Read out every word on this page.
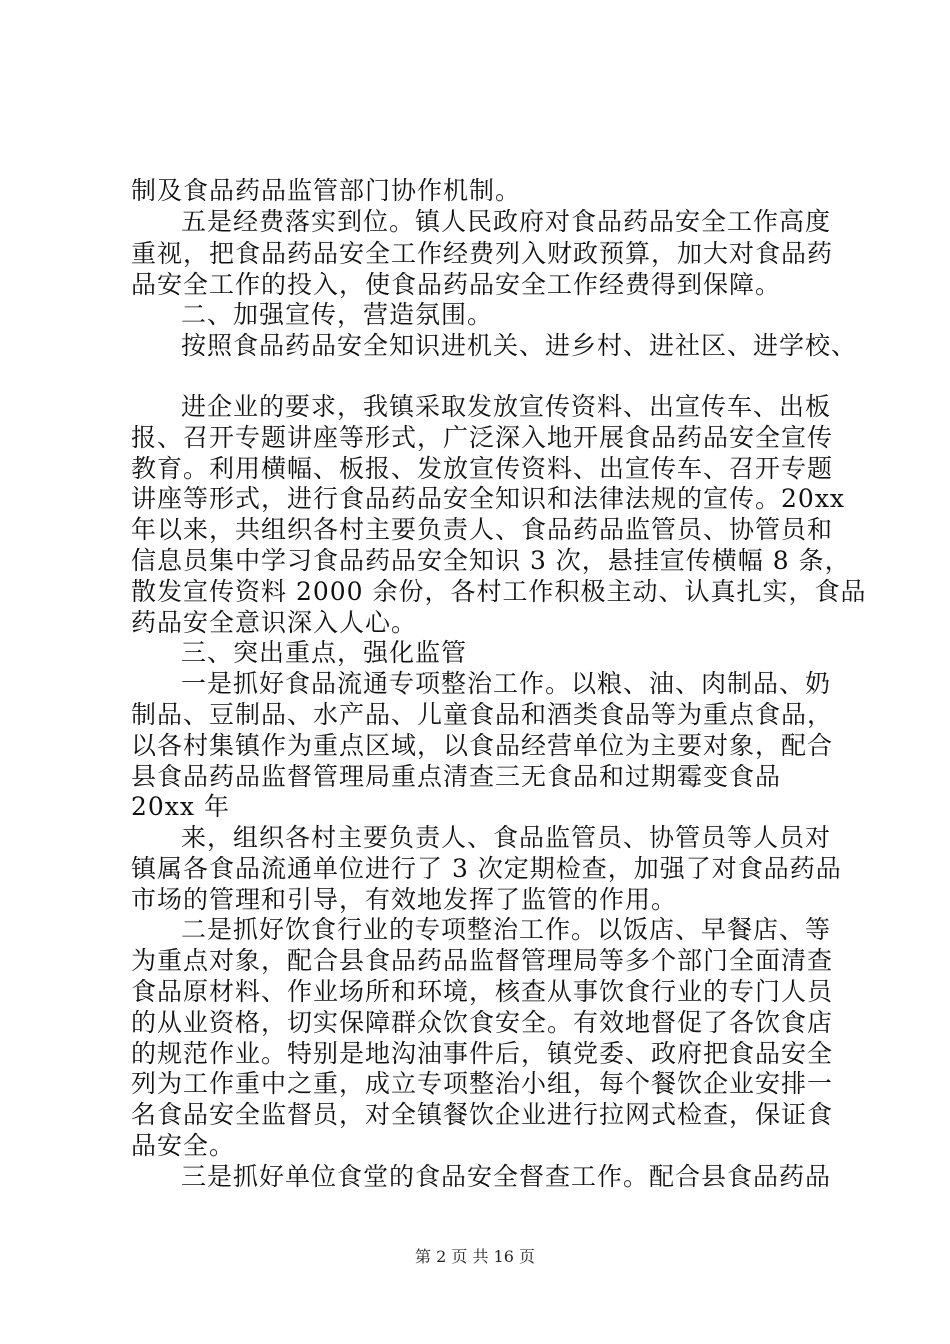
制及食品药品监管部门协作机制。
五是经费落实到位。镇人民政府对食品药品安全工作高度
重视，把食品药品安全工作经费列入财政预算，加大对食品药
品安全工作的投入，使食品药品安全工作经费得到保障。
二、加强宣传，营造氛围。
按照食品药品安全知识进机关、进乡村、进社区、进学校、
进企业的要求，我镇采取发放宣传资料、出宣传车、出板
报、召开专题讲座等形式，广泛深入地开展食品药品安全宣传
教育。利用横幅、板报、发放宣传资料、出宣传车、召开专题
讲座等形式，进行食品药品安全知识和法律法规的宣传。20xx
年以来，共组织各村主要负责人、食品药品监管员、协管员和
信息员集中学习食品药品安全知识 3 次，悬挂宣传横幅 8 条，
散发宣传资料 2000 余份，各村工作积极主动、认真扎实，食品
药品安全意识深入人心。
三、突出重点，强化监管
一是抓好食品流通专项整治工作。以粮、油、肉制品、奶
制品、豆制品、水产品、儿童食品和酒类食品等为重点食品，
以各村集镇作为重点区域，以食品经营单位为主要对象，配合
县食品药品监督管理局重点清查三无食品和过期霉变食品
20xx 年
来，组织各村主要负责人、食品监管员、协管员等人员对
镇属各食品流通单位进行了 3 次定期检查，加强了对食品药品
市场的管理和引导，有效地发挥了监管的作用。
二是抓好饮食行业的专项整治工作。以饭店、早餐店、等
为重点对象，配合县食品药品监督管理局等多个部门全面清查
食品原材料、作业场所和环境，核查从事饮食行业的专门人员
的从业资格，切实保障群众饮食安全。有效地督促了各饮食店
的规范作业。特别是地沟油事件后，镇党委、政府把食品安全
列为工作重中之重，成立专项整治小组，每个餐饮企业安排一
名食品安全监督员，对全镇餐饮企业进行拉网式检查，保证食
品安全。
三是抓好单位食堂的食品安全督查工作。配合县食品药品
第 2 页 共 16 页
